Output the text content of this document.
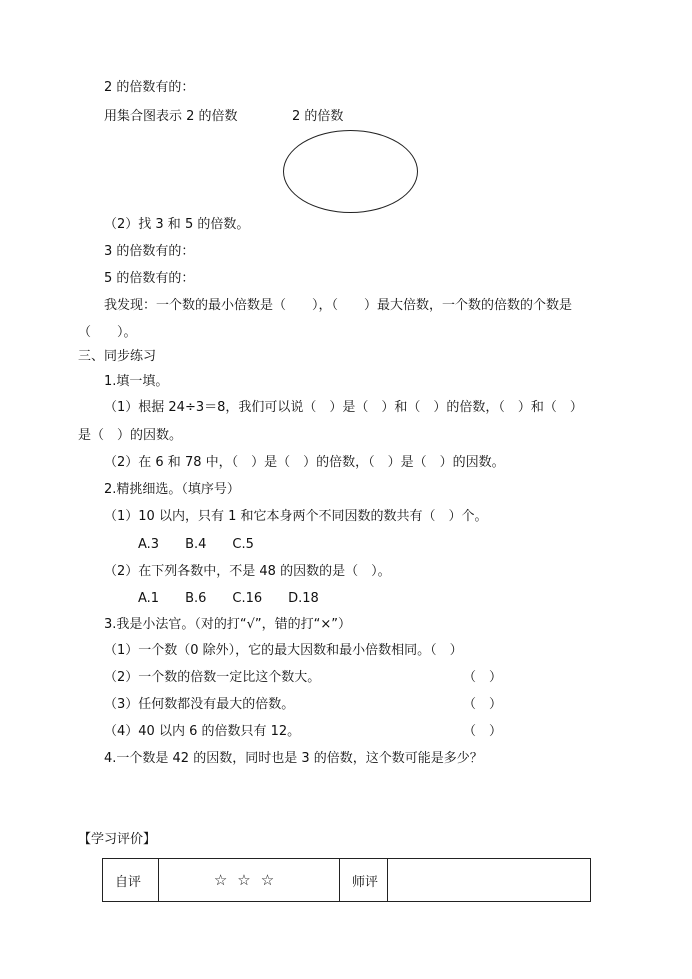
2 的倍数有的：
用集合图表示 2 的倍数	2 的倍数
（2）找 3 和 5 的倍数。
3 的倍数有的：
5 的倍数有的：
我发现：一个数的最小倍数是（　　），（　　）最大倍数，一个数的倍数的个数是
（　　）。
三、同步练习
1.填一填。
（1）根据 24÷3＝8，我们可以说（　）是（　）和（　）的倍数，（　）和（　）
是（　）的因数。
（2）在 6 和 78 中，（　）是（　）的倍数，（　）是（　）的因数。
2.精挑细选。（填序号）
（1）10 以内，只有 1 和它本身两个不同因数的数共有（　）个。
A.3　　B.4　　C.5
（2）在下列各数中，不是 48 的因数的是（　）。
A.1　　B.6　　C.16　　D.18
3.我是小法官。（对的打“√”，错的打“×”）
（1）一个数（0 除外），它的最大因数和最小倍数相同。（　）
（2）一个数的倍数一定比这个数大。	（　）
（3）任何数都没有最大的倍数。	（　）
（4）40 以内 6 的倍数只有 12。	（　）
4.一个数是 42 的因数，同时也是 3 的倍数，这个数可能是多少？
【学习评价】
自评	☆☆☆	师评	
